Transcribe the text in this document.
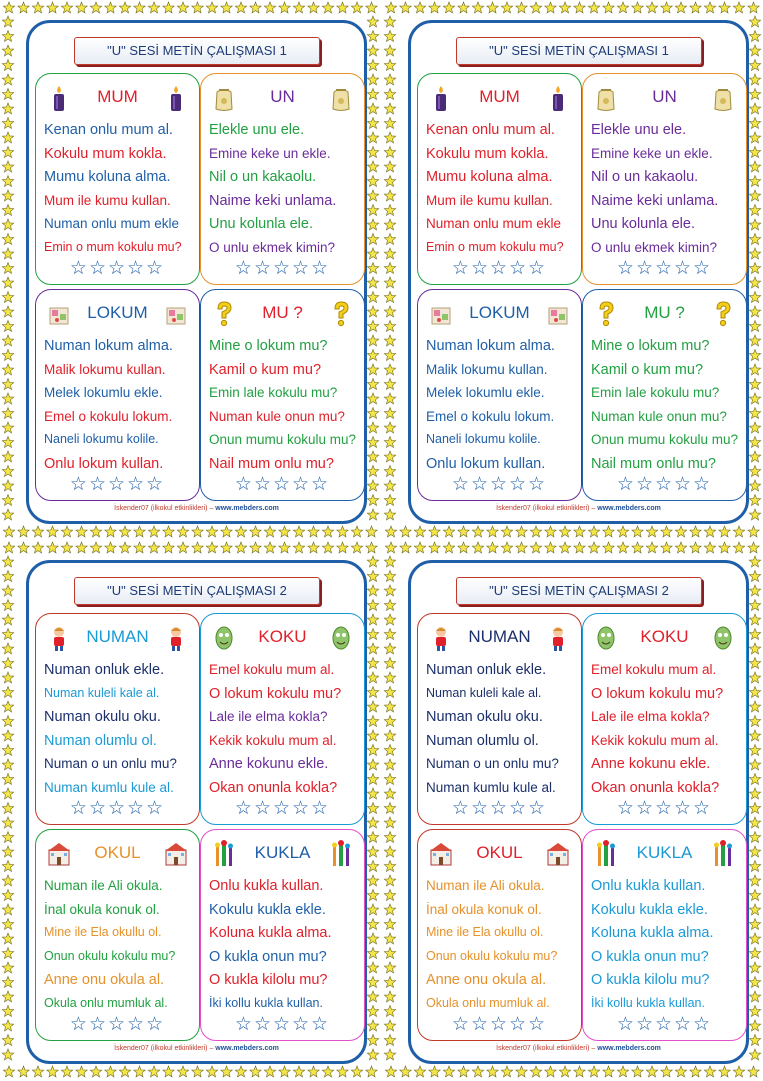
"U" SESİ METİN ÇALIŞMASI 1
MUM
Kenan onlu mum al.
Kokulu mum kokla.
Mumu koluna alma.
Mum ile kumu kullan.
Numan onlu mum ekle
Emin o mum kokulu mu?
☆☆☆☆☆
UN
Elekle unu ele.
Emine keke un ekle.
Nil o un kakaolu.
Naime keki unlama.
Unu kolunla ele.
O unlu ekmek kimin?
☆☆☆☆☆
LOKUM
Numan lokum alma.
Malik lokumu kullan.
Melek lokumlu ekle.
Emel o kokulu lokum.
Naneli lokumu kolile.
Onlu lokum kullan.
☆☆☆☆☆
MU ?
Mine o lokum mu?
Kamil o kum mu?
Emin lale kokulu mu?
Numan kule onun mu?
Onun mumu kokulu mu?
Nail mum onlu mu?
☆☆☆☆☆
İskender07 (ilkokul etkinlikleri) – www.mebders.com
"U" SESİ METİN ÇALIŞMASI 1
MUM
Kenan onlu mum al.
Kokulu mum kokla.
Mumu koluna alma.
Mum ile kumu kullan.
Numan onlu mum ekle
Emin o mum kokulu mu?
☆☆☆☆☆
UN
Elekle unu ele.
Emine keke un ekle.
Nil o un kakaolu.
Naime keki unlama.
Unu kolunla ele.
O unlu ekmek kimin?
☆☆☆☆☆
LOKUM
Numan lokum alma.
Malik lokumu kullan.
Melek lokumlu ekle.
Emel o kokulu lokum.
Naneli lokumu kolile.
Onlu lokum kullan.
☆☆☆☆☆
MU ?
Mine o lokum mu?
Kamil o kum mu?
Emin lale kokulu mu?
Numan kule onun mu?
Onun mumu kokulu mu?
Nail mum onlu mu?
☆☆☆☆☆
İskender07 (ilkokul etkinlikleri) – www.mebders.com
"U" SESİ METİN ÇALIŞMASI 2
NUMAN
Numan onluk ekle.
Numan kuleli kale al.
Numan okulu oku.
Numan olumlu ol.
Numan o un onlu mu?
Numan kumlu kule al.
☆☆☆☆☆
KOKU
Emel kokulu mum al.
O lokum kokulu mu?
Lale ile elma kokla?
Kekik kokulu mum al.
Anne kokunu ekle.
Okan onunla kokla?
☆☆☆☆☆
OKUL
Numan ile Ali okula.
İnal okula konuk ol.
Mine ile Ela okullu ol.
Onun okulu kokulu mu?
Anne onu okula al.
Okula onlu mumluk al.
☆☆☆☆☆
KUKLA
Onlu kukla kullan.
Kokulu kukla ekle.
Koluna kukla alma.
O kukla onun mu?
O kukla kilolu mu?
İki kollu kukla kullan.
☆☆☆☆☆
İskender07 (ilkokul etkinlikleri) – www.mebders.com
"U" SESİ METİN ÇALIŞMASI 2
NUMAN
Numan onluk ekle.
Numan kuleli kale al.
Numan okulu oku.
Numan olumlu ol.
Numan o un onlu mu?
Numan kumlu kule al.
☆☆☆☆☆
KOKU
Emel kokulu mum al.
O lokum kokulu mu?
Lale ile elma kokla?
Kekik kokulu mum al.
Anne kokunu ekle.
Okan onunla kokla?
☆☆☆☆☆
OKUL
Numan ile Ali okula.
İnal okula konuk ol.
Mine ile Ela okullu ol.
Onun okulu kokulu mu?
Anne onu okula al.
Okula onlu mumluk al.
☆☆☆☆☆
KUKLA
Onlu kukla kullan.
Kokulu kukla ekle.
Koluna kukla alma.
O kukla onun mu?
O kukla kilolu mu?
İki kollu kukla kullan.
☆☆☆☆☆
İskender07 (ilkokul etkinlikleri) – www.mebders.com
